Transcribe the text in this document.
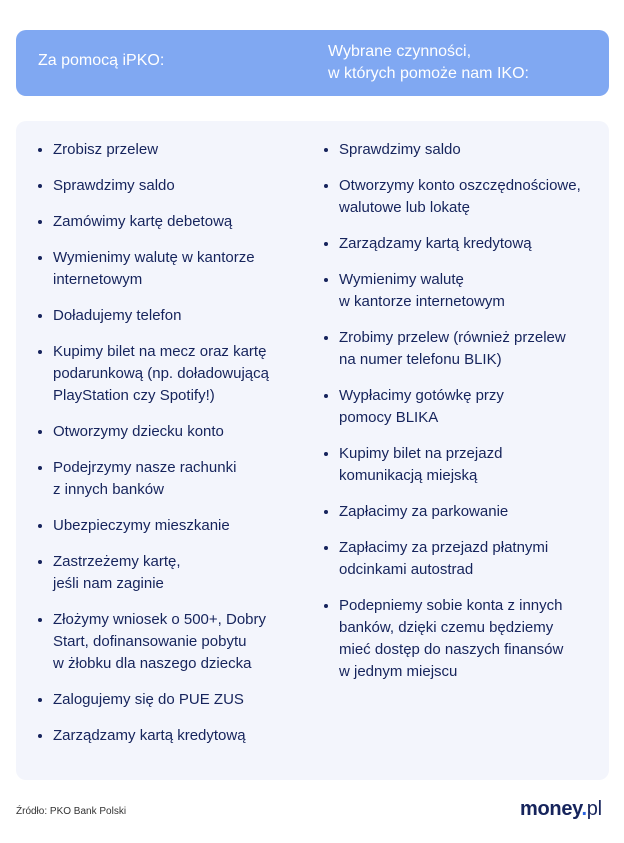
Za pomocą iPKO:
Wybrane czynności,
w których pomoże nam IKO:
Zrobisz przelew
Sprawdzimy saldo
Zamówimy kartę debetową
Wymienimy walutę w kantorze
internetowym
Doładujemy telefon
Kupimy bilet na mecz oraz kartę
podarunkową (np. doładowującą
PlayStation czy Spotify!)
Otworzymy dziecku konto
Podejrzymy nasze rachunki
z innych banków
Ubezpieczymy mieszkanie
Zastrzeżemy kartę,
jeśli nam zaginie
Złożymy wniosek o 500+, Dobry
Start, dofinansowanie pobytu
w żłobku dla naszego dziecka
Zalogujemy się do PUE ZUS
Zarządzamy kartą kredytową
Sprawdzimy saldo
Otworzymy konto oszczędnościowe,
walutowe lub lokatę
Zarządzamy kartą kredytową
Wymienimy walutę
w kantorze internetowym
Zrobimy przelew (również przelew
na numer telefonu BLIK)
Wypłacimy gotówkę przy
pomocy BLIKA
Kupimy bilet na przejazd
komunikacją miejską
Zapłacimy za parkowanie
Zapłacimy za przejazd płatnymi
odcinkami autostrad
Podepniemy sobie konta z innych
banków, dzięki czemu będziemy
mieć dostęp do naszych finansów
w jednym miejscu
Źródło: PKO Bank Polski	money.pl
